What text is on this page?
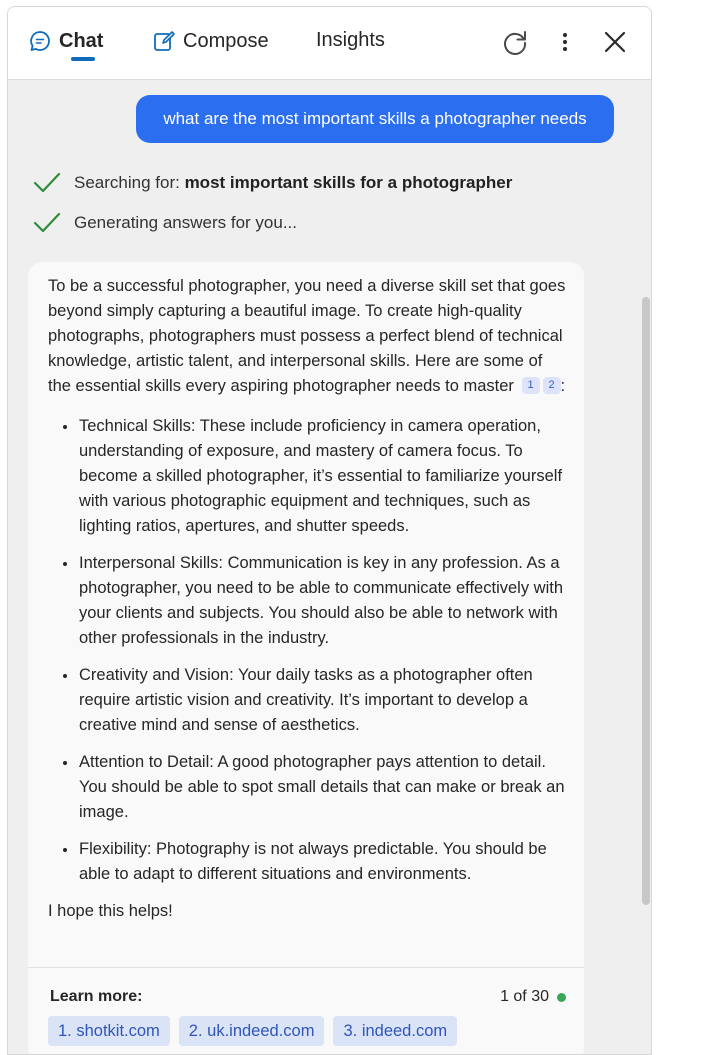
Chat	Compose Insights
what are the most important skills a photographer needs
Searching for: most important skills for a photographer
Generating answers for you...

To be a successful photographer, you need a diverse skill set that goes beyond simply capturing a beautiful image. To create high-quality photographs, photographers must possess a perfect blend of technical knowledge, artistic talent, and interpersonal skills. Here are some of the essential skills every aspiring photographer needs to master 1 2 :

• Technical Skills: These include proficiency in camera operation, understanding of exposure, and mastery of camera focus. To become a skilled photographer, it’s essential to familiarize yourself with various photographic equipment and techniques, such as lighting ratios, apertures, and shutter speeds.
• Interpersonal Skills: Communication is key in any profession. As a photographer, you need to be able to communicate effectively with your clients and subjects. You should also be able to network with other professionals in the industry.
• Creativity and Vision: Your daily tasks as a photographer often require artistic vision and creativity. It’s important to develop a creative mind and sense of aesthetics.
• Attention to Detail: A good photographer pays attention to detail. You should be able to spot small details that can make or break an image.
• Flexibility: Photography is not always predictable. You should be able to adapt to different situations and environments.

I hope this helps!

Learn more:	1 of 30
1. shotkit.com	2. uk.indeed.com	3. indeed.com
